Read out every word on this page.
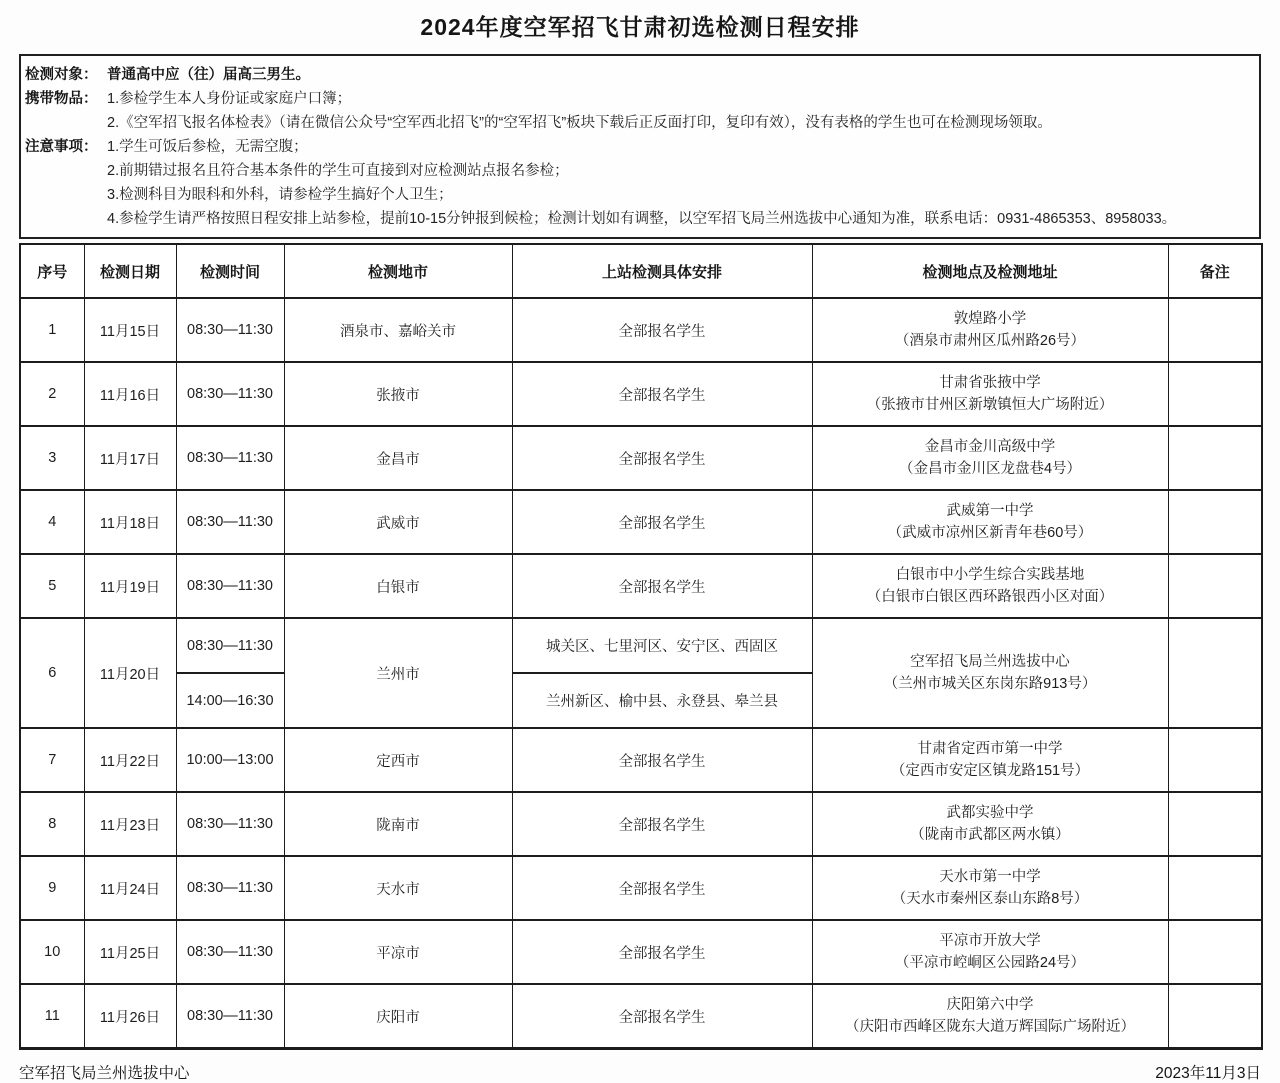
2024年度空军招飞甘肃初选检测日程安排
检测对象： 普通高中应（往）届高三男生。
携带物品： 1.参检学生本人身份证或家庭户口簿；
2.《空军招飞报名体检表》（请在微信公众号“空军西北招飞”的“空军招飞”板块下载后正反面打印，复印有效），没有表格的学生也可在检测现场领取。
注意事项： 1.学生可饭后参检，无需空腹；
2.前期错过报名且符合基本条件的学生可直接到对应检测站点报名参检；
3.检测科目为眼科和外科，请参检学生搞好个人卫生；
4.参检学生请严格按照日程安排上站参检，提前10-15分钟报到候检；检测计划如有调整，以空军招飞局兰州选拔中心通知为准，联系电话：0931-4865353、8958033。
序号	检测日期	检测时间	检测地市	上站检测具体安排	检测地点及检测地址	备注
1	11月15日	08:30—11:30	酒泉市、嘉峪关市	全部报名学生	敦煌路小学
（酒泉市肃州区瓜州路26号）	

2	11月16日	08:30—11:30	张掖市	全部报名学生	甘肃省张掖中学
（张掖市甘州区新墩镇恒大广场附近）	

3	11月17日	08:30—11:30	金昌市	全部报名学生	金昌市金川高级中学
（金昌市金川区龙盘巷4号）	

4	11月18日	08:30—11:30	武威市	全部报名学生	武威第一中学
（武威市凉州区新青年巷60号）	

5	11月19日	08:30—11:30	白银市	全部报名学生	白银市中小学生综合实践基地
（白银市白银区西环路银西小区对面）	

6	11月20日	08:30—11:30	兰州市	城关区、七里河区、安宁区、西固区	空军招飞局兰州选拔中心
（兰州市城关区东岗东路913号）	

		14:00—16:30		兰州新区、榆中县、永登县、皋兰县		
7	11月22日	10:00—13:00	定西市	全部报名学生	甘肃省定西市第一中学
（定西市安定区镇龙路151号）	

8	11月23日	08:30—11:30	陇南市	全部报名学生	武都实验中学
（陇南市武都区两水镇）	

9	11月24日	08:30—11:30	天水市	全部报名学生	天水市第一中学
（天水市秦州区泰山东路8号）	

10	11月25日	08:30—11:30	平凉市	全部报名学生	平凉市开放大学
（平凉市崆峒区公园路24号）	

11	11月26日	08:30—11:30	庆阳市	全部报名学生	庆阳第六中学
（庆阳市西峰区陇东大道万辉国际广场附近）	

空军招飞局兰州选拔中心	2023年11月3日
